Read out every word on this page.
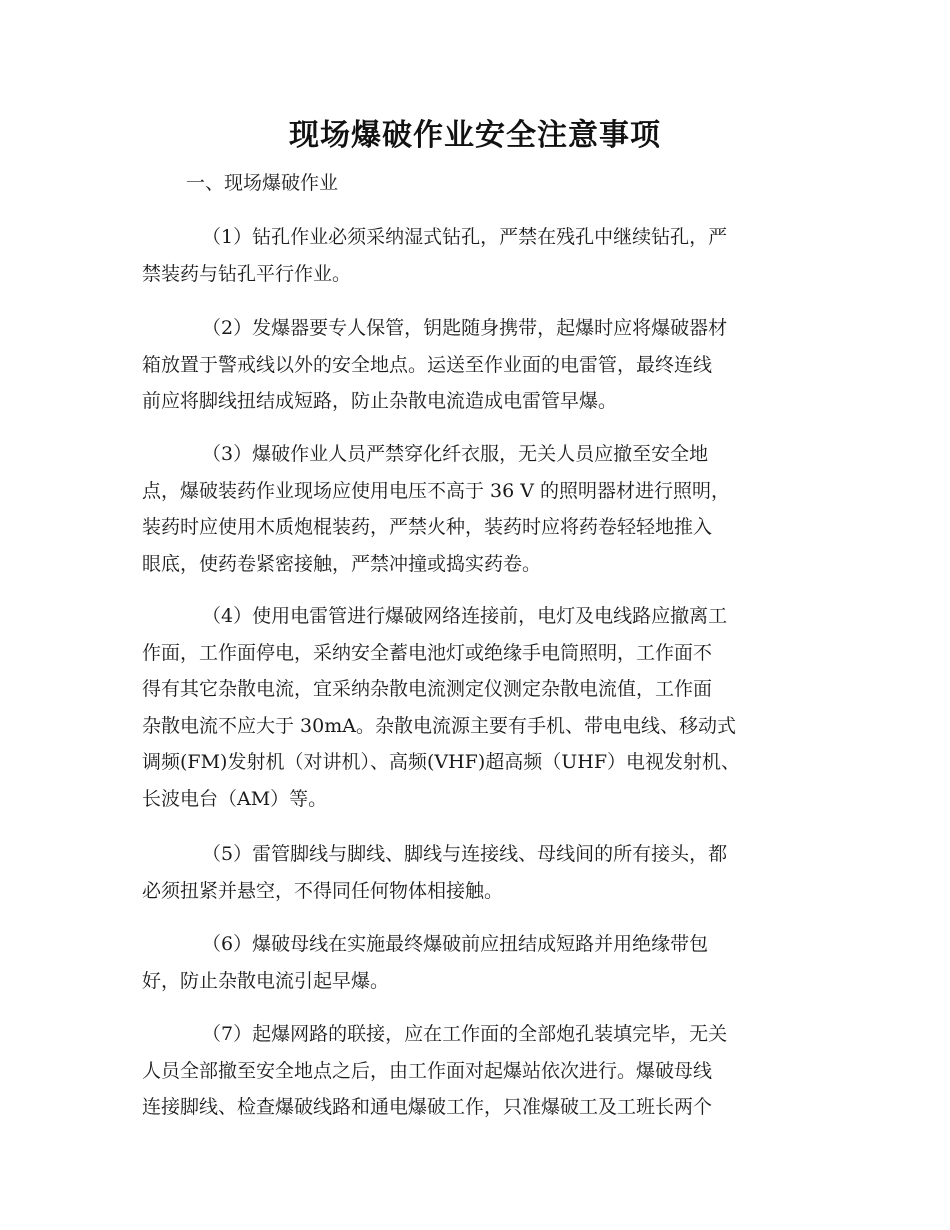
现场爆破作业安全注意事项
一、现场爆破作业
（1）钻孔作业必须采纳湿式钻孔，严禁在残孔中继续钻孔，严
禁装药与钻孔平行作业。
（2）发爆器要专人保管，钥匙随身携带，起爆时应将爆破器材
箱放置于警戒线以外的安全地点。运送至作业面的电雷管，最终连线
前应将脚线扭结成短路，防止杂散电流造成电雷管早爆。
（3）爆破作业人员严禁穿化纤衣服，无关人员应撤至安全地
点，爆破装药作业现场应使用电压不高于 36 V 的照明器材进行照明，
装药时应使用木质炮棍装药，严禁火种，装药时应将药卷轻轻地推入
眼底，使药卷紧密接触，严禁冲撞或捣实药卷。
（4）使用电雷管进行爆破网络连接前，电灯及电线路应撤离工
作面，工作面停电，采纳安全蓄电池灯或绝缘手电筒照明，工作面不
得有其它杂散电流，宜采纳杂散电流测定仪测定杂散电流值，工作面
杂散电流不应大于 30mA。杂散电流源主要有手机、带电电线、移动式
调频(FM)发射机（对讲机）、高频(VHF)超高频（UHF）电视发射机、
长波电台（AM）等。
（5）雷管脚线与脚线、脚线与连接线、母线间的所有接头，都
必须扭紧并悬空，不得同任何物体相接触。
（6）爆破母线在实施最终爆破前应扭结成短路并用绝缘带包
好，防止杂散电流引起早爆。
（7）起爆网路的联接，应在工作面的全部炮孔装填完毕，无关
人员全部撤至安全地点之后，由工作面对起爆站依次进行。爆破母线
连接脚线、检查爆破线路和通电爆破工作，只准爆破工及工班长两个
